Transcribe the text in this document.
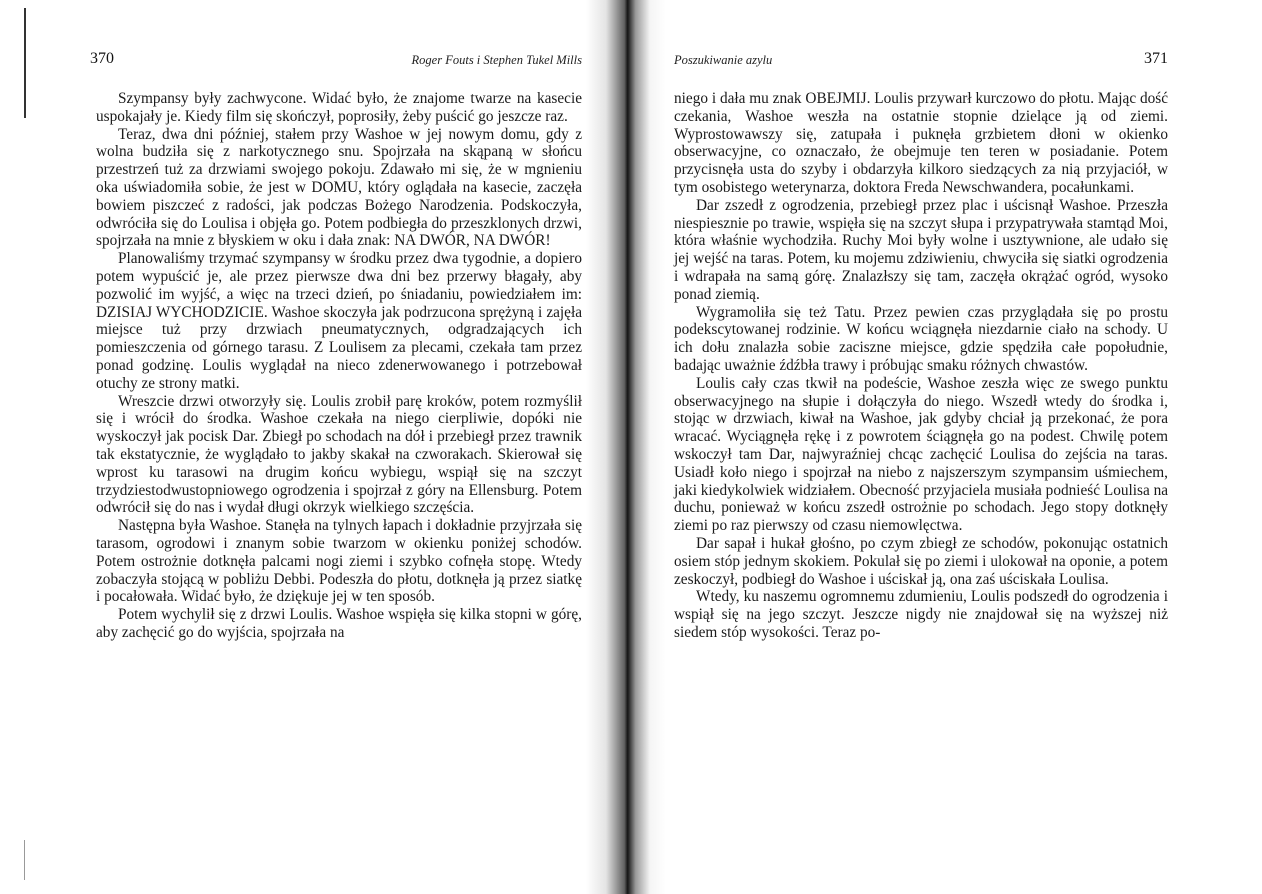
370	Roger Fouts i Stephen Tukel Mills

Szympansy były zachwycone. Widać było, że znajome twarze na kasecie uspokajały je. Kiedy film się skończył, poprosiły, żeby puścić go jeszcze raz.

Teraz, dwa dni później, stałem przy Washoe w jej nowym domu, gdy z wolna budziła się z narkotycznego snu. Spojrzała na skąpaną w słońcu przestrzeń tuż za drzwiami swojego pokoju. Zdawało mi się, że w mgnieniu oka uświadomiła sobie, że jest w DOMU, który oglądała na kasecie, zaczęła bowiem piszczeć z radości, jak podczas Bożego Narodzenia. Podskoczyła, odwróciła się do Loulisa i objęła go. Potem podbiegła do przeszklonych drzwi, spojrzała na mnie z błyskiem w oku i dała znak: NA DWÓR, NA DWÓR!

Planowaliśmy trzymać szympansy w środku przez dwa tygodnie, a dopiero potem wypuścić je, ale przez pierwsze dwa dni bez przerwy błagały, aby pozwolić im wyjść, a więc na trzeci dzień, po śniadaniu, powiedziałem im: DZISIAJ WYCHODZICIE. Washoe skoczyła jak podrzucona sprężyną i zajęła miejsce tuż przy drzwiach pneumatycznych, odgradzających ich pomieszczenia od górnego tarasu. Z Loulisem za plecami, czekała tam przez ponad godzinę. Loulis wyglądał na nieco zdenerwowanego i potrzebował otuchy ze strony matki.

Wreszcie drzwi otworzyły się. Loulis zrobił parę kroków, potem rozmyślił się i wrócił do środka. Washoe czekała na niego cierpliwie, dopóki nie wyskoczył jak pocisk Dar. Zbiegł po schodach na dół i przebiegł przez trawnik tak ekstatycznie, że wyglądało to jakby skakał na czworakach. Skierował się wprost ku tarasowi na drugim końcu wybiegu, wspiął się na szczyt trzydziestodwustopniowego ogrodzenia i spojrzał z góry na Ellensburg. Potem odwrócił się do nas i wydał długi okrzyk wielkiego szczęścia.

Następna była Washoe. Stanęła na tylnych łapach i dokładnie przyjrzała się tarasom, ogrodowi i znanym sobie twarzom w okienku poniżej schodów. Potem ostrożnie dotknęła palcami nogi ziemi i szybko cofnęła stopę. Wtedy zobaczyła stojącą w pobliżu Debbi. Podeszła do płotu, dotknęła ją przez siatkę i pocałowała. Widać było, że dziękuje jej w ten sposób.

Potem wychylił się z drzwi Loulis. Washoe wspięła się kilka stopni w górę, aby zachęcić go do wyjścia, spojrzała na

Poszukiwanie azylu	371

niego i dała mu znak OBEJMIJ. Loulis przywarł kurczowo do płotu. Mając dość czekania, Washoe weszła na ostatnie stopnie dzielące ją od ziemi. Wyprostowawszy się, zatupała i puknęła grzbietem dłoni w okienko obserwacyjne, co oznaczało, że obejmuje ten teren w posiadanie. Potem przycisnęła usta do szyby i obdarzyła kilkoro siedzących za nią przyjaciół, w tym osobistego weterynarza, doktora Freda Newschwandera, pocałunkami.

Dar zszedł z ogrodzenia, przebiegł przez plac i uścisnął Washoe. Przeszła niespiesznie po trawie, wspięła się na szczyt słupa i przypatrywała stamtąd Moi, która właśnie wychodziła. Ruchy Moi były wolne i usztywnione, ale udało się jej wejść na taras. Potem, ku mojemu zdziwieniu, chwyciła się siatki ogrodzenia i wdrapała na samą górę. Znalazłszy się tam, zaczęła okrążać ogród, wysoko ponad ziemią.

Wygramoliła się też Tatu. Przez pewien czas przyglądała się po prostu podekscytowanej rodzinie. W końcu wciągnęła niezdarnie ciało na schody. U ich dołu znalazła sobie zaciszne miejsce, gdzie spędziła całe popołudnie, badając uważnie źdźbła trawy i próbując smaku różnych chwastów.

Loulis cały czas tkwił na podeście, Washoe zeszła więc ze swego punktu obserwacyjnego na słupie i dołączyła do niego. Wszedł wtedy do środka i, stojąc w drzwiach, kiwał na Washoe, jak gdyby chciał ją przekonać, że pora wracać. Wyciągnęła rękę i z powrotem ściągnęła go na podest. Chwilę potem wskoczył tam Dar, najwyraźniej chcąc zachęcić Loulisa do zejścia na taras. Usiadł koło niego i spojrzał na niebo z najszerszym szympansim uśmiechem, jaki kiedykolwiek widziałem. Obecność przyjaciela musiała podnieść Loulisa na duchu, ponieważ w końcu zszedł ostrożnie po schodach. Jego stopy dotknęły ziemi po raz pierwszy od czasu niemowlęctwa.

Dar sapał i hukał głośno, po czym zbiegł ze schodów, pokonując ostatnich osiem stóp jednym skokiem. Pokulał się po ziemi i ulokował na oponie, a potem zeskoczył, podbiegł do Washoe i uściskał ją, ona zaś uściskała Loulisa.

Wtedy, ku naszemu ogromnemu zdumieniu, Loulis podszedł do ogrodzenia i wspiął się na jego szczyt. Jeszcze nigdy nie znajdował się na wyższej niż siedem stóp wysokości. Teraz po-
